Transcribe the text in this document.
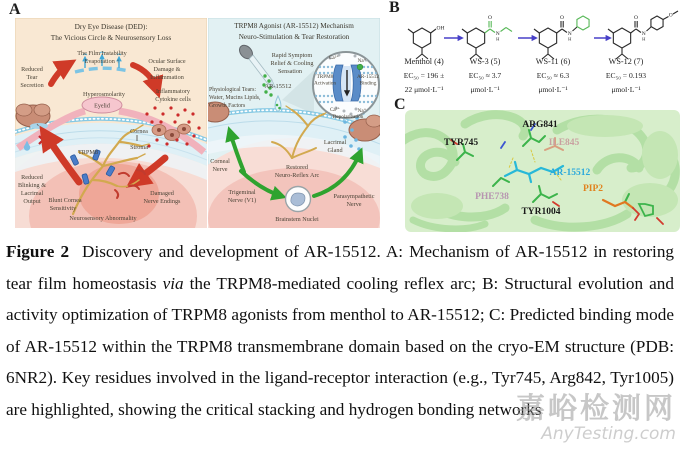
A
Eyelid
Dry Eye Disease (DED):
The Vicious Circle & Neurosensory Loss
Reduced
Tear
Secretion
The Film Instability
Evaporation ↑	Ocular Surface
Damage &
Inflammation
Hyperosmolarity	Inflammatory
Cytokine cells
Cornea
Stroma
TRPM8
Reduced
Blinking &
Lacrimal
Output Blunt Cornea
Sensitivity
Damaged
Nerve Endings
Neurosensory Abnormality
Ca²⁺	Na⁺
TRPM8
Activation
AR-15512
Binding
Ca²⁺	Na⁺
Depolarization
TRPM8 Agonist (AR-15512) Mechanism
Neuro-Stimulation & Tear Restoration
Rapid Symptom
Relief & Cooling
Sensation
AR-15512
Physiological Tears:
Water, Mucins Lipids,
Growth Factors
Corneal
Nerve	Restored
Neuro-Reflex Arc
Lacrimal
Gland
Trigeminal
Nerve (V1)
Brainstem Nuclei
Parasympathetic
Nerve
B
OH
O
N
H
O
N
H
O
N
H
O
Menthol (4)	WS-3 (5)	WS-11 (6)	WS-12 (7)
EC₅₀ = 196 ±
22 μmol·L⁻¹
EC₅₀ ≈ 3.7
μmol·L⁻¹
EC₅₀ ≈ 6.3
μmol·L⁻¹
EC₅₀ = 0.193
μmol·L⁻¹
C
TYR745
ARG841
ILE845
AR-15512
PHE738
PIP2
TYR1004

Figure 2 Discovery and development of AR-15512. A: Mechanism of AR-15512 in restoring tear film homeostasis via the TRPM8-mediated cooling reflex arc; B: Structural evolution and activity optimization of TRPM8 agonists from menthol to AR-15512; C: Predicted binding mode of AR-15512 within the TRPM8 transmembrane domain based on the cryo-EM structure (PDB: 6NR2). Key residues involved in the ligand-receptor interaction (e.g., Tyr745, Arg842, Tyr1005) are highlighted, showing the critical stacking and hydrogen bonding networks

嘉峪检测网
AnyTesting.com
